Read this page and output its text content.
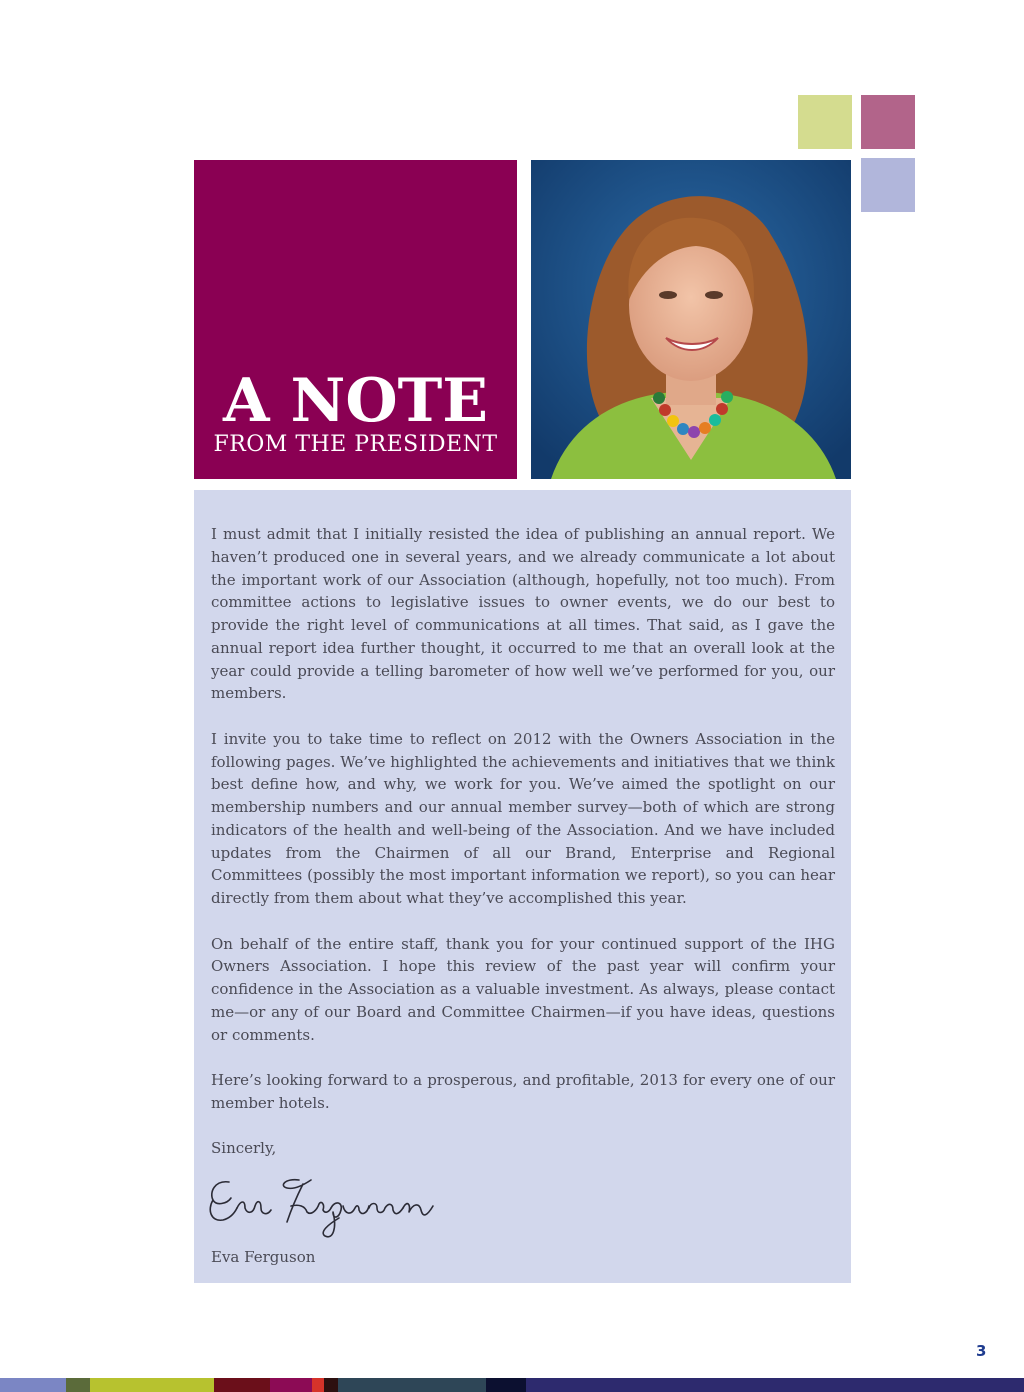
A NOTE
FROM THE PRESIDENT

I must admit that I initially resisted the idea of publishing an annual report. We haven’t produced one in several years, and we already communicate a lot about the important work of our Association (although, hopefully, not too much). From committee actions to legislative issues to owner events, we do our best to provide the right level of communications at all times. That said, as I gave the annual report idea further thought, it occurred to me that an overall look at the year could provide a telling barometer of how well we’ve performed for you, our members.

I invite you to take time to reflect on 2012 with the Owners Association in the following pages. We’ve highlighted the achievements and initiatives that we think best define how, and why, we work for you. We’ve aimed the spotlight on our membership numbers and our annual member survey—both of which are strong indicators of the health and well-being of the Association. And we have included updates from the Chairmen of all our Brand, Enterprise and Regional Committees (possibly the most important information we report), so you can hear directly from them about what they’ve accomplished this year.

On behalf of the entire staff, thank you for your continued support of the IHG Owners Association. I hope this review of the past year will confirm your confidence in the Association as a valuable investment. As always, please contact me—or any of our Board and Committee Chairmen—if you have ideas, questions or comments.

Here’s looking forward to a prosperous, and profitable, 2013 for every one of our member hotels.

Sincerly,

Eva Ferguson

3
